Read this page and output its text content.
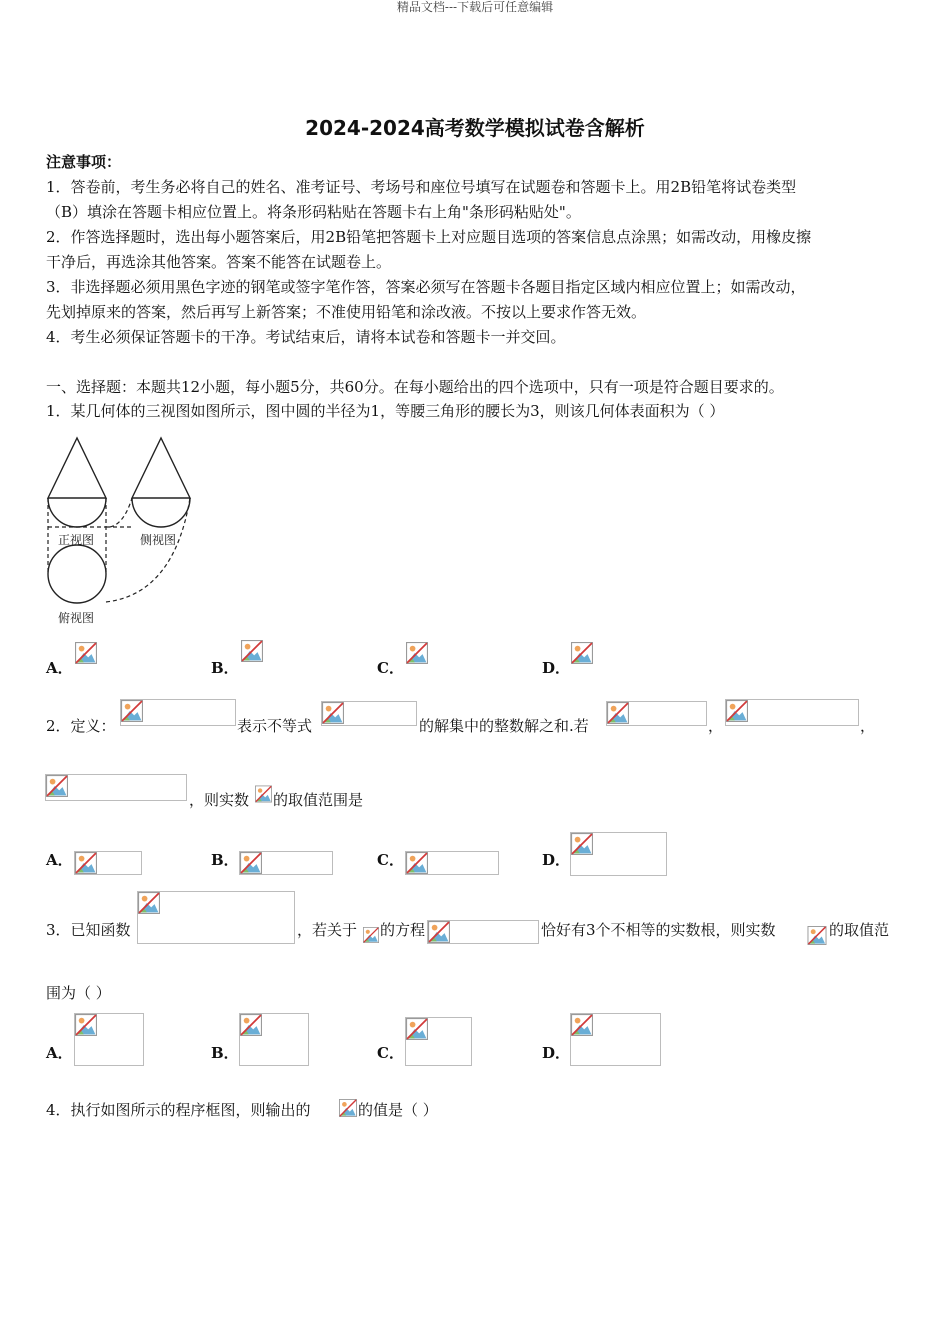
精品文档---下载后可任意编辑
2024-2024高考数学模拟试卷含解析
注意事项：
1．答卷前，考生务必将自己的姓名、准考证号、考场号和座位号填写在试题卷和答题卡上。用2B铅笔将试卷类型
（B）填涂在答题卡相应位置上。将条形码粘贴在答题卡右上角"条形码粘贴处"。
2．作答选择题时，选出每小题答案后，用2B铅笔把答题卡上对应题目选项的答案信息点涂黑；如需改动，用橡皮擦
干净后，再选涂其他答案。答案不能答在试题卷上。
3．非选择题必须用黑色字迹的钢笔或签字笔作答，答案必须写在答题卡各题目指定区域内相应位置上；如需改动，
先划掉原来的答案，然后再写上新答案；不准使用铅笔和涂改液。不按以上要求作答无效。
4．考生必须保证答题卡的干净。考试结束后，请将本试卷和答题卡一并交回。
一、选择题：本题共12小题，每小题5分，共60分。在每小题给出的四个选项中，只有一项是符合题目要求的。
1．某几何体的三视图如图所示，图中圆的半径为1，等腰三角形的腰长为3，则该几何体表面积为（ ）
正视图	侧视图
俯视图
A．	B．	C．	D．
2．定义：	表示不等式	的解集中的整数解之和.若	，	，
，则实数 的取值范围是
A．	B．	C．	D．
3．已知函数	，若关于 的方程	恰好有3个不相等的实数根，则实数	的取值范
围为（ ）
A．	B．	C．	D．
4．执行如图所示的程序框图，则输出的	的值是（ ）
